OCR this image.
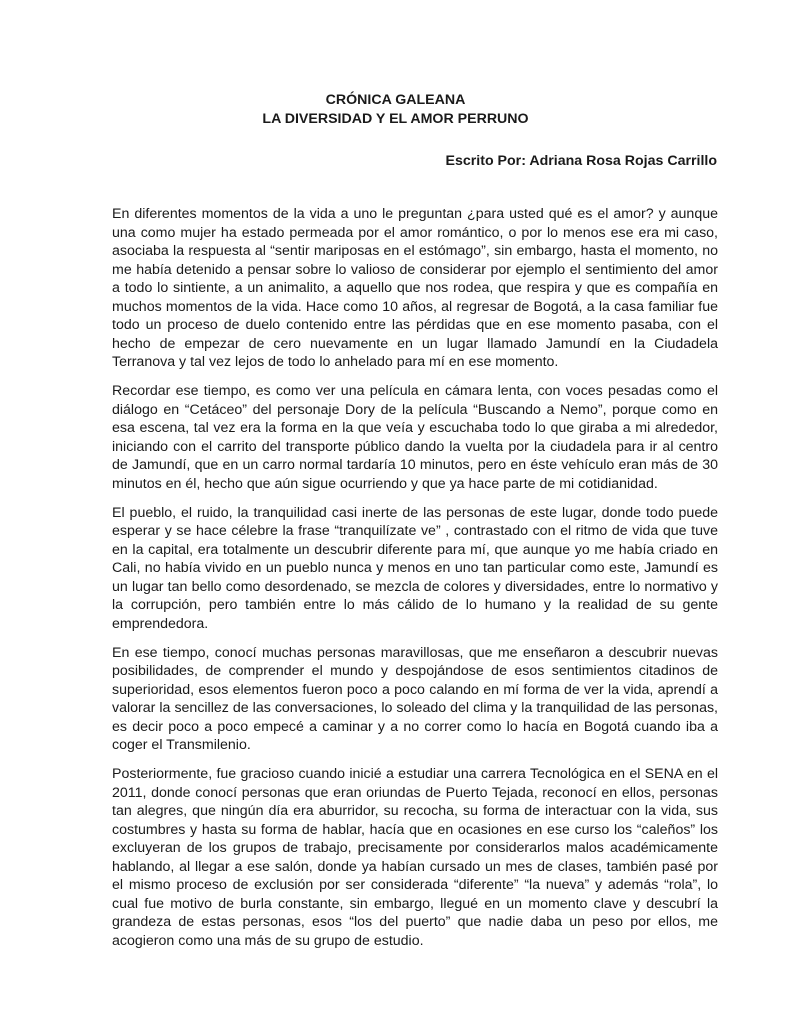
CRÓNICA GALEANA
LA DIVERSIDAD Y EL AMOR PERRUNO
Escrito Por: Adriana Rosa Rojas Carrillo

En diferentes momentos de la vida a uno le preguntan ¿para usted qué es el amor? y aunque una como mujer ha estado permeada por el amor romántico, o por lo menos ese era mi caso, asociaba la respuesta al “sentir mariposas en el estómago”, sin embargo, hasta el momento, no me había detenido a pensar sobre lo valioso de considerar por ejemplo el sentimiento del amor a todo lo sintiente, a un animalito, a aquello que nos rodea, que respira y que es compañía en muchos momentos de la vida. Hace como 10 años, al regresar de Bogotá, a la casa familiar fue todo un proceso de duelo contenido entre las pérdidas que en ese momento pasaba, con el hecho de empezar de cero nuevamente en un lugar llamado Jamundí en la Ciudadela Terranova y tal vez lejos de todo lo anhelado para mí en ese momento.

Recordar ese tiempo, es como ver una película en cámara lenta, con voces pesadas como el diálogo en “Cetáceo” del personaje Dory de la película “Buscando a Nemo”, porque como en esa escena, tal vez era la forma en la que veía y escuchaba todo lo que giraba a mi alrededor, iniciando con el carrito del transporte público dando la vuelta por la ciudadela para ir al centro de Jamundí, que en un carro normal tardaría 10 minutos, pero en éste vehículo eran más de 30 minutos en él, hecho que aún sigue ocurriendo y que ya hace parte de mi cotidianidad.

El pueblo, el ruido, la tranquilidad casi inerte de las personas de este lugar, donde todo puede esperar y se hace célebre la frase “tranquilízate ve” , contrastado con el ritmo de vida que tuve en la capital, era totalmente un descubrir diferente para mí, que aunque yo me había criado en Cali, no había vivido en un pueblo nunca y menos en uno tan particular como este, Jamundí es un lugar tan bello como desordenado, se mezcla de colores y diversidades, entre lo normativo y la corrupción, pero también entre lo más cálido de lo humano y la realidad de su gente emprendedora.

En ese tiempo, conocí muchas personas maravillosas, que me enseñaron a descubrir nuevas posibilidades, de comprender el mundo y despojándose de esos sentimientos citadinos de superioridad, esos elementos fueron poco a poco calando en mí forma de ver la vida, aprendí a valorar la sencillez de las conversaciones, lo soleado del clima y la tranquilidad de las personas, es decir poco a poco empecé a caminar y a no correr como lo hacía en Bogotá cuando iba a coger el Transmilenio.

Posteriormente, fue gracioso cuando inicié a estudiar una carrera Tecnológica en el SENA en el 2011, donde conocí personas que eran oriundas de Puerto Tejada, reconocí en ellos, personas tan alegres, que ningún día era aburridor, su recocha, su forma de interactuar con la vida, sus costumbres y hasta su forma de hablar, hacía que en ocasiones en ese curso los “caleños” los excluyeran de los grupos de trabajo, precisamente por considerarlos malos académicamente hablando, al llegar a ese salón, donde ya habían cursado un mes de clases, también pasé por el mismo proceso de exclusión por ser considerada “diferente” “la nueva” y además “rola”, lo cual fue motivo de burla constante, sin embargo, llegué en un momento clave y descubrí la grandeza de estas personas, esos “los del puerto” que nadie daba un peso por ellos, me acogieron como una más de su grupo de estudio.
